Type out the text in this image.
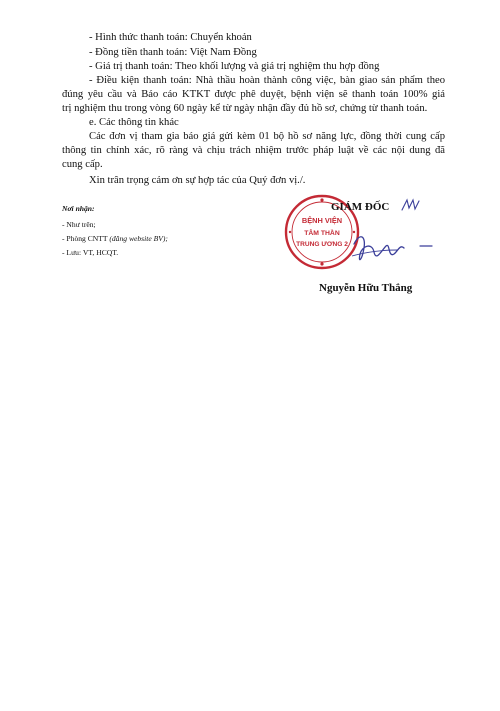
- Hình thức thanh toán: Chuyển khoản
- Đồng tiền thanh toán: Việt Nam Đồng
- Giá trị thanh toán: Theo khối lượng và giá trị nghiệm thu hợp đồng
- Điều kiện thanh toán: Nhà thầu hoàn thành công việc, bàn giao sản phẩm theo
đúng yêu cầu và Báo cáo KTKT được phê duyệt, bệnh viện sẽ thanh toán 100% giá
trị nghiệm thu trong vòng 60 ngày kể từ ngày nhận đầy đủ hồ sơ, chứng từ thanh toán.
e. Các thông tin khác
Các đơn vị tham gia báo giá gửi kèm 01 bộ hồ sơ năng lực, đồng thời cung cấp
thông tin chính xác, rõ ràng và chịu trách nhiệm trước pháp luật về các nội dung đã
cung cấp.
Xin trân trọng cảm ơn sự hợp tác của Quý đơn vị./.
Nơi nhận:
- Như trên;
- Phòng CNTT (đăng website BV);
- Lưu: VT, HCQT.
BỆNH VIỆN
TÂM THẦN
TRUNG ƯƠNG 2
GIÁM ĐỐC
Nguyễn Hữu Thắng
